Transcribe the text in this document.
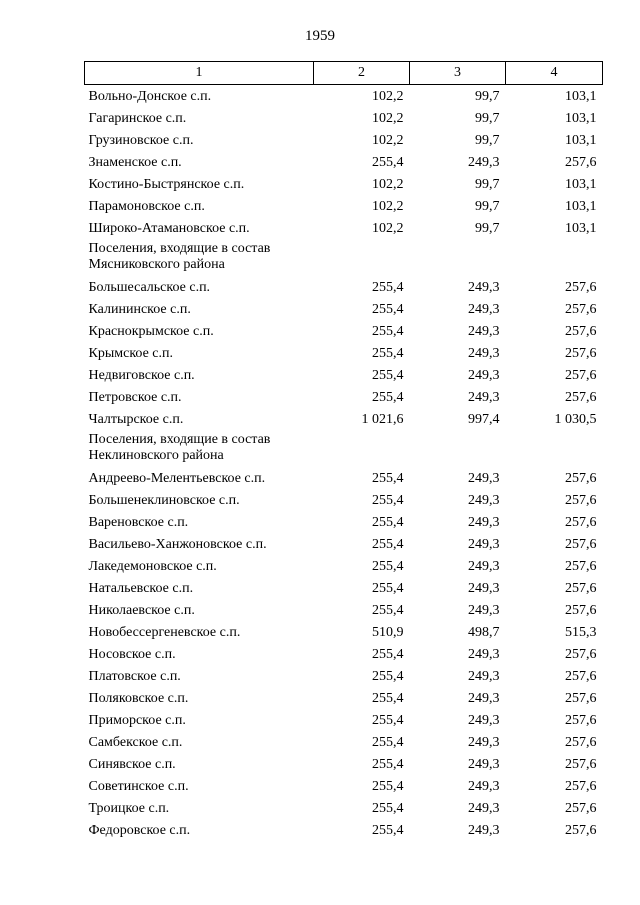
1959
1	2	3	4
Вольно-Донское с.п.	102,2	99,7	103,1
Гагаринское с.п.	102,2	99,7	103,1
Грузиновское с.п.	102,2	99,7	103,1
Знаменское с.п.	255,4	249,3	257,6
Костино-Быстрянское с.п.	102,2	99,7	103,1
Парамоновское с.п.	102,2	99,7	103,1
Широко-Атамановское с.п.	102,2	99,7	103,1
Поселения, входящие в состав Мясниковского района			
Большесальское с.п.	255,4	249,3	257,6
Калининское с.п.	255,4	249,3	257,6
Краснокрымское с.п.	255,4	249,3	257,6
Крымское с.п.	255,4	249,3	257,6
Недвиговское с.п.	255,4	249,3	257,6
Петровское с.п.	255,4	249,3	257,6
Чалтырское с.п.	1 021,6	997,4	1 030,5
Поселения, входящие в состав Неклиновского района			
Андреево-Мелентьевское с.п.	255,4	249,3	257,6
Большенеклиновское с.п.	255,4	249,3	257,6
Вареновское с.п.	255,4	249,3	257,6
Васильево-Ханжоновское с.п.	255,4	249,3	257,6
Лакедемоновское с.п.	255,4	249,3	257,6
Натальевское с.п.	255,4	249,3	257,6
Николаевское с.п.	255,4	249,3	257,6
Новобессергеневское с.п.	510,9	498,7	515,3
Носовское с.п.	255,4	249,3	257,6
Платовское с.п.	255,4	249,3	257,6
Поляковское с.п.	255,4	249,3	257,6
Приморское с.п.	255,4	249,3	257,6
Самбекское с.п.	255,4	249,3	257,6
Синявское с.п.	255,4	249,3	257,6
Советинское с.п.	255,4	249,3	257,6
Троицкое с.п.	255,4	249,3	257,6
Федоровское с.п.	255,4	249,3	257,6
